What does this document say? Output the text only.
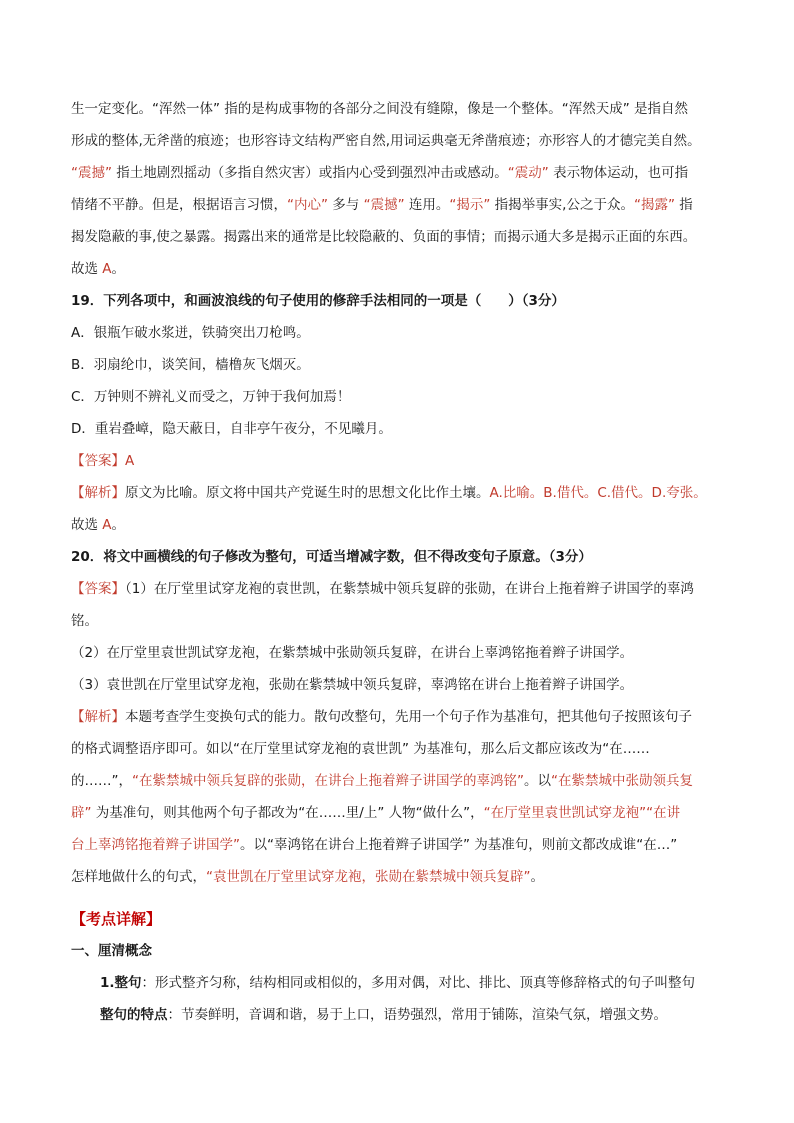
生一定变化。“浑然一体” 指的是构成事物的各部分之间没有缝隙，像是一个整体。“浑然天成” 是指自然
形成的整体,无斧凿的痕迹；也形容诗文结构严密自然,用词运典毫无斧凿痕迹；亦形容人的才德完美自然。
“震撼” 指土地剧烈摇动（多指自然灾害）或指内心受到强烈冲击或感动。“震动” 表示物体运动，也可指
情绪不平静。但是，根据语言习惯，“内心” 多与 “震撼” 连用。“揭示” 指揭举事实,公之于众。“揭露” 指
揭发隐蔽的事,使之暴露。揭露出来的通常是比较隐蔽的、负面的事情；而揭示通大多是揭示正面的东西。
故选 A。
19．下列各项中，和画波浪线的句子使用的修辞手法相同的一项是（　　）（3分）
A．银瓶乍破水浆迸，铁骑突出刀枪鸣。
B．羽扇纶巾，谈笑间，樯橹灰飞烟灭。
C．万钟则不辨礼义而受之，万钟于我何加焉！
D．重岩叠嶂，隐天蔽日，自非亭午夜分，不见曦月。
【答案】A
【解析】原文为比喻。原文将中国共产党诞生时的思想文化比作土壤。A.比喻。B.借代。C.借代。D.夸张。
故选 A。
20．将文中画横线的句子修改为整句，可适当增减字数，但不得改变句子原意。（3分）
【答案】（1）在厅堂里试穿龙袍的袁世凯，在紫禁城中领兵复辟的张勋，在讲台上拖着辫子讲国学的辜鸿
铭。
（2）在厅堂里袁世凯试穿龙袍，在紫禁城中张勋领兵复辟，在讲台上辜鸿铭拖着辫子讲国学。
（3）袁世凯在厅堂里试穿龙袍，张勋在紫禁城中领兵复辟，辜鸿铭在讲台上拖着辫子讲国学。
【解析】本题考查学生变换句式的能力。散句改整句，先用一个句子作为基准句，把其他句子按照该句子
的格式调整语序即可。如以“在厅堂里试穿龙袍的袁世凯” 为基准句，那么后文都应该改为“在……
的……”，“在紫禁城中领兵复辟的张勋，在讲台上拖着辫子讲国学的辜鸿铭”。以“在紫禁城中张勋领兵复
辟” 为基准句，则其他两个句子都改为“在……里/上” 人物“做什么”，“在厅堂里袁世凯试穿龙袍”“在讲
台上辜鸿铭拖着辫子讲国学”。以“辜鸿铭在讲台上拖着辫子讲国学” 为基准句，则前文都改成谁“在…”
怎样地做什么的句式，“袁世凯在厅堂里试穿龙袍，张勋在紫禁城中领兵复辟”。
【考点详解】
一、厘清概念
1.整句：形式整齐匀称，结构相同或相似的，多用对偶，对比、排比、顶真等修辞格式的句子叫整句
整句的特点：节奏鲜明，音调和谐，易于上口，语势强烈，常用于铺陈，渲染气氛，增强文势。
